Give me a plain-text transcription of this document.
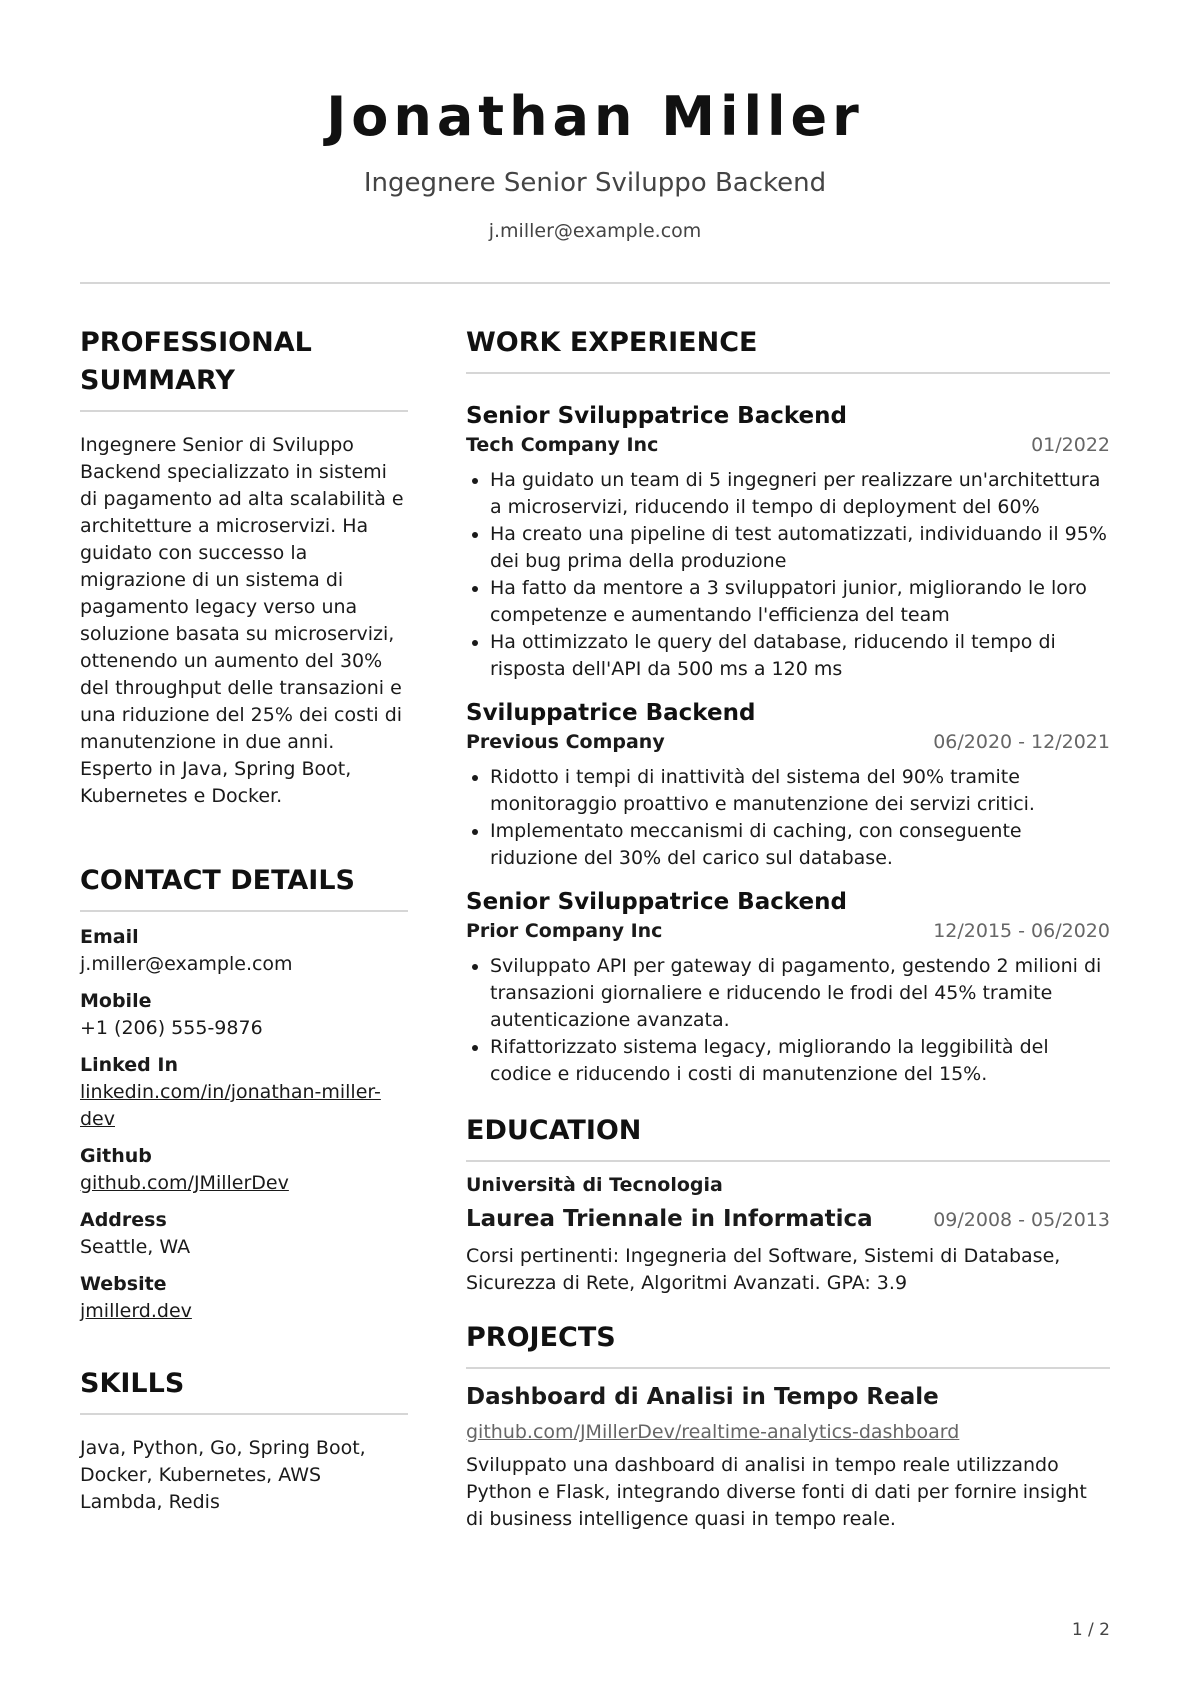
Jonathan Miller
Ingegnere Senior Sviluppo Backend
j.miller@example.com
PROFESSIONAL SUMMARY
Ingegnere Senior di Sviluppo Backend specializzato in sistemi di pagamento ad alta scalabilità e architetture a microservizi. Ha guidato con successo la migrazione di un sistema di pagamento legacy verso una soluzione basata su microservizi, ottenendo un aumento del 30% del throughput delle transazioni e una riduzione del 25% dei costi di manutenzione in due anni. Esperto in Java, Spring Boot, Kubernetes e Docker.
CONTACT DETAILS
Email
j.miller@example.com
Mobile
+1 (206) 555-9876
Linked In
linkedin.com/in/jonathan-miller-dev
Github
github.com/JMillerDev
Address
Seattle, WA
Website
jmillerd.dev
SKILLS
Java, Python, Go, Spring Boot, Docker, Kubernetes, AWS Lambda, Redis
WORK EXPERIENCE
Senior Sviluppatrice Backend
Tech Company Inc	01/2022
• Ha guidato un team di 5 ingegneri per realizzare un'architettura a microservizi, riducendo il tempo di deployment del 60%
• Ha creato una pipeline di test automatizzati, individuando il 95% dei bug prima della produzione
• Ha fatto da mentore a 3 sviluppatori junior, migliorando le loro competenze e aumentando l'efficienza del team
• Ha ottimizzato le query del database, riducendo il tempo di risposta dell'API da 500 ms a 120 ms
Sviluppatrice Backend
Previous Company	06/2020 - 12/2021
• Ridotto i tempi di inattività del sistema del 90% tramite monitoraggio proattivo e manutenzione dei servizi critici.
• Implementato meccanismi di caching, con conseguente riduzione del 30% del carico sul database.
Senior Sviluppatrice Backend
Prior Company Inc	12/2015 - 06/2020
• Sviluppato API per gateway di pagamento, gestendo 2 milioni di transazioni giornaliere e riducendo le frodi del 45% tramite autenticazione avanzata.
• Rifattorizzato sistema legacy, migliorando la leggibilità del codice e riducendo i costi di manutenzione del 15%.
EDUCATION
Università di Tecnologia
Laurea Triennale in Informatica	09/2008 - 05/2013
Corsi pertinenti: Ingegneria del Software, Sistemi di Database, Sicurezza di Rete, Algoritmi Avanzati. GPA: 3.9
PROJECTS
Dashboard di Analisi in Tempo Reale
github.com/JMillerDev/realtime-analytics-dashboard
Sviluppato una dashboard di analisi in tempo reale utilizzando Python e Flask, integrando diverse fonti di dati per fornire insight di business intelligence quasi in tempo reale.
1 / 2
